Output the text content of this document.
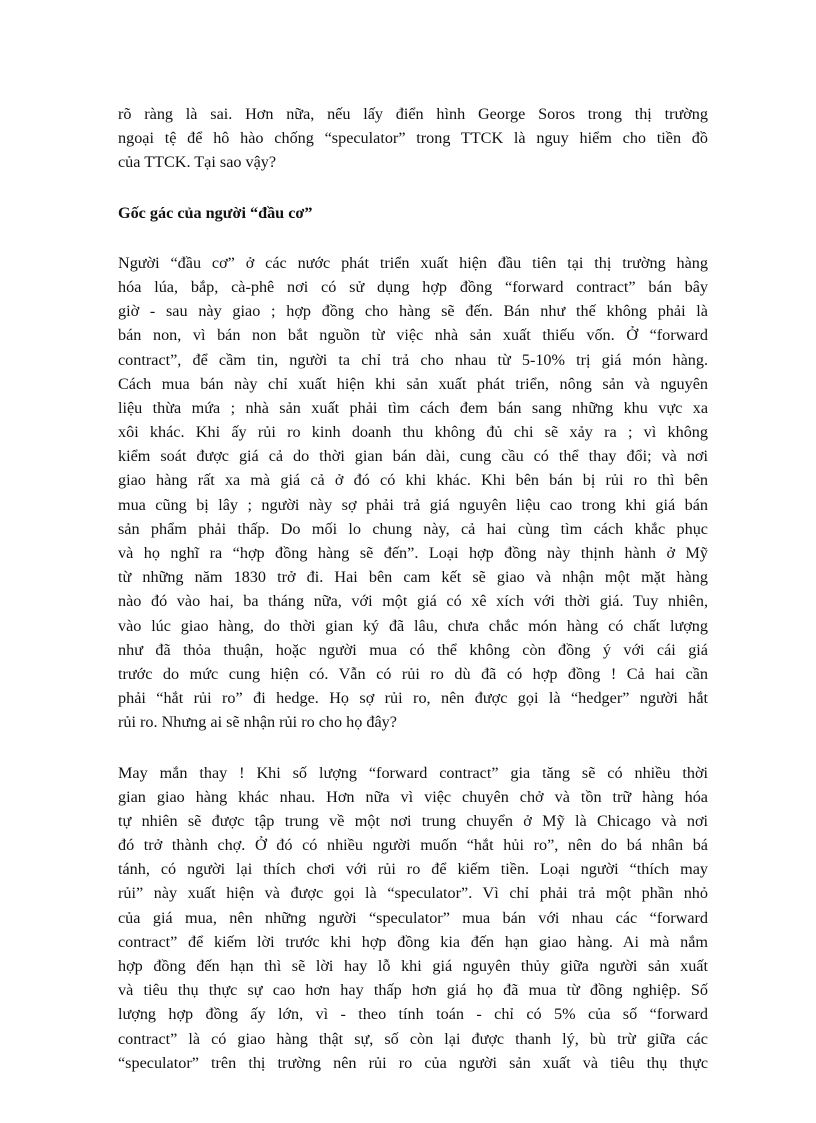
rõ ràng là sai. Hơn nữa, nếu lấy điển hình George Soros trong thị trường
ngoại tệ để hô hào chống “speculator” trong TTCK là nguy hiểm cho tiền đồ
của TTCK. Tại sao vậy?
Gốc gác của người “đầu cơ”
Người “đầu cơ” ở các nước phát triển xuất hiện đầu tiên tại thị trường hàng
hóa lúa, bắp, cà-phê nơi có sử dụng hợp đồng “forward contract” bán bây
giờ - sau này giao ; hợp đồng cho hàng sẽ đến. Bán như thế không phải là
bán non, vì bán non bắt nguồn từ việc nhà sản xuất thiếu vốn. Ở “forward
contract”, để cầm tin, người ta chỉ trả cho nhau từ 5-10% trị giá món hàng.
Cách mua bán này chỉ xuất hiện khi sản xuất phát triển, nông sản và nguyên
liệu thừa mứa ; nhà sản xuất phải tìm cách đem bán sang những khu vực xa
xôi khác. Khi ấy rủi ro kinh doanh thu không đủ chi sẽ xảy ra ; vì không
kiểm soát được giá cả do thời gian bán dài, cung cầu có thể thay đổi; và nơi
giao hàng rất xa mà giá cả ở đó có khi khác. Khi bên bán bị rủi ro thì bên
mua cũng bị lây ; người này sợ phải trả giá nguyên liệu cao trong khi giá bán
sản phẩm phải thấp. Do mối lo chung này, cả hai cùng tìm cách khắc phục
và họ nghĩ ra “hợp đồng hàng sẽ đến”. Loại hợp đồng này thịnh hành ở Mỹ
từ những năm 1830 trở đi. Hai bên cam kết sẽ giao và nhận một mặt hàng
nào đó vào hai, ba tháng nữa, với một giá có xê xích với thời giá. Tuy nhiên,
vào lúc giao hàng, do thời gian ký đã lâu, chưa chắc món hàng có chất lượng
như đã thỏa thuận, hoặc người mua có thể không còn đồng ý với cái giá
trước do mức cung hiện có. Vẫn có rủi ro dù đã có hợp đồng ! Cả hai cần
phải “hắt rủi ro” đi hedge. Họ sợ rủi ro, nên được gọi là “hedger” người hắt
rủi ro. Nhưng ai sẽ nhận rủi ro cho họ đây?
May mắn thay ! Khi số lượng “forward contract” gia tăng sẽ có nhiều thời
gian giao hàng khác nhau. Hơn nữa vì việc chuyên chở và tồn trữ hàng hóa
tự nhiên sẽ được tập trung về một nơi trung chuyển ở Mỹ là Chicago và nơi
đó trở thành chợ. Ở đó có nhiều người muốn “hắt hủi ro”, nên do bá nhân bá
tánh, có người lại thích chơi với rủi ro để kiếm tiền. Loại người “thích may
rủi” này xuất hiện và được gọi là “speculator”. Vì chỉ phải trả một phần nhỏ
của giá mua, nên những người “speculator” mua bán với nhau các “forward
contract” để kiếm lời trước khi hợp đồng kia đến hạn giao hàng. Ai mà nắm
hợp đồng đến hạn thì sẽ lời hay lỗ khi giá nguyên thủy giữa người sản xuất
và tiêu thụ thực sự cao hơn hay thấp hơn giá họ đã mua từ đồng nghiệp. Số
lượng hợp đồng ấy lớn, vì - theo tính toán - chỉ có 5% của số “forward
contract” là có giao hàng thật sự, số còn lại được thanh lý, bù trừ giữa các
“speculator” trên thị trường nên rủi ro của người sản xuất và tiêu thụ thực
